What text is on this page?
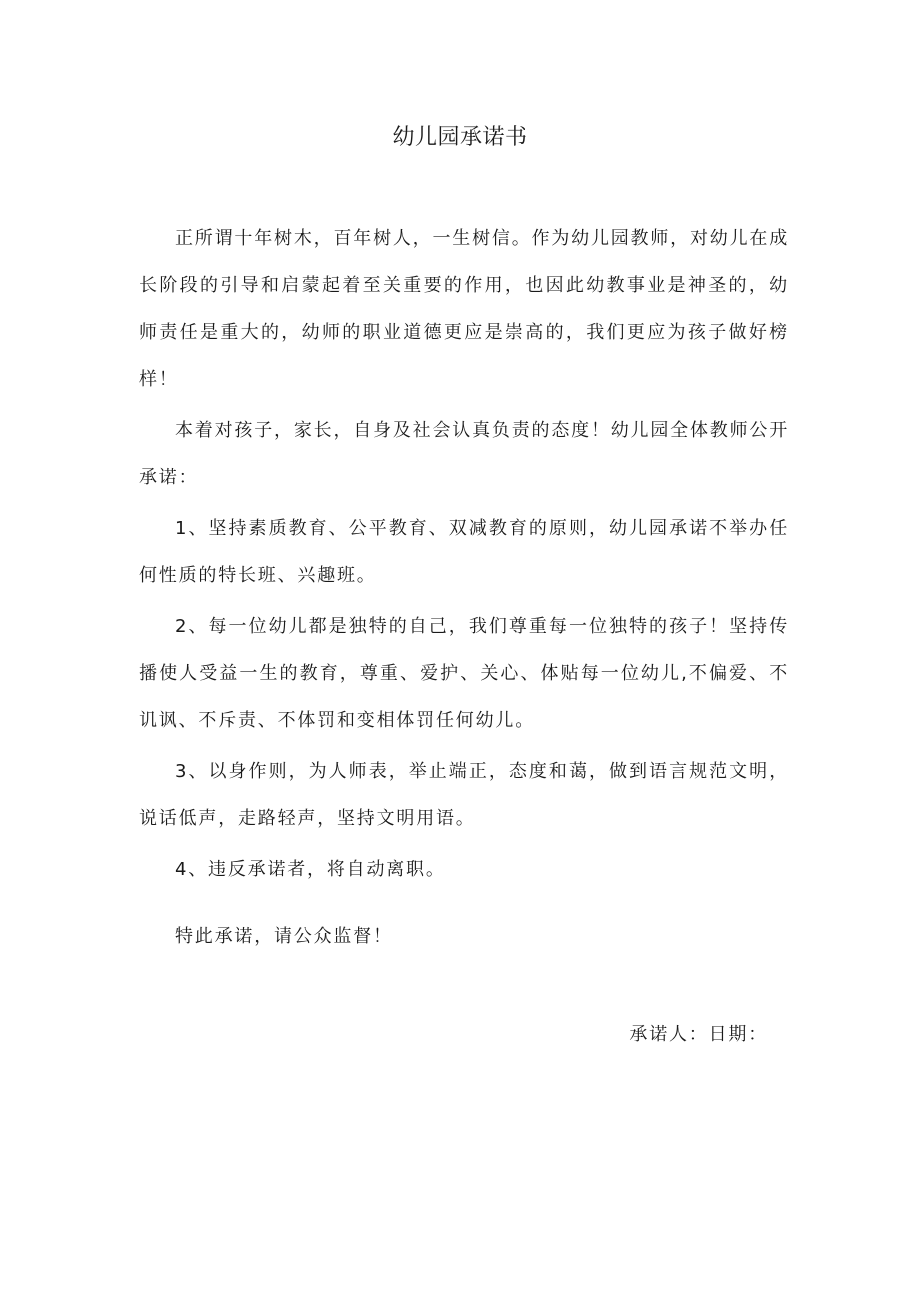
幼儿园承诺书

正所谓十年树木，百年树人，一生树信。作为幼儿园教师，对幼儿在成长阶段的引导和启蒙起着至关重要的作用，也因此幼教事业是神圣的，幼师责任是重大的，幼师的职业道德更应是崇高的，我们更应为孩子做好榜样！

本着对孩子，家长，自身及社会认真负责的态度！幼儿园全体教师公开承诺：

1、坚持素质教育、公平教育、双减教育的原则，幼儿园承诺不举办任何性质的特长班、兴趣班。

2、每一位幼儿都是独特的自己，我们尊重每一位独特的孩子！坚持传播使人受益一生的教育，尊重、爱护、关心、体贴每一位幼儿,不偏爱、不讥讽、不斥责、不体罚和变相体罚任何幼儿。

3、以身作则，为人师表，举止端正，态度和蔼，做到语言规范文明，说话低声，走路轻声，坚持文明用语。

4、违反承诺者，将自动离职。

特此承诺，请公众监督！

承诺人：日期：
